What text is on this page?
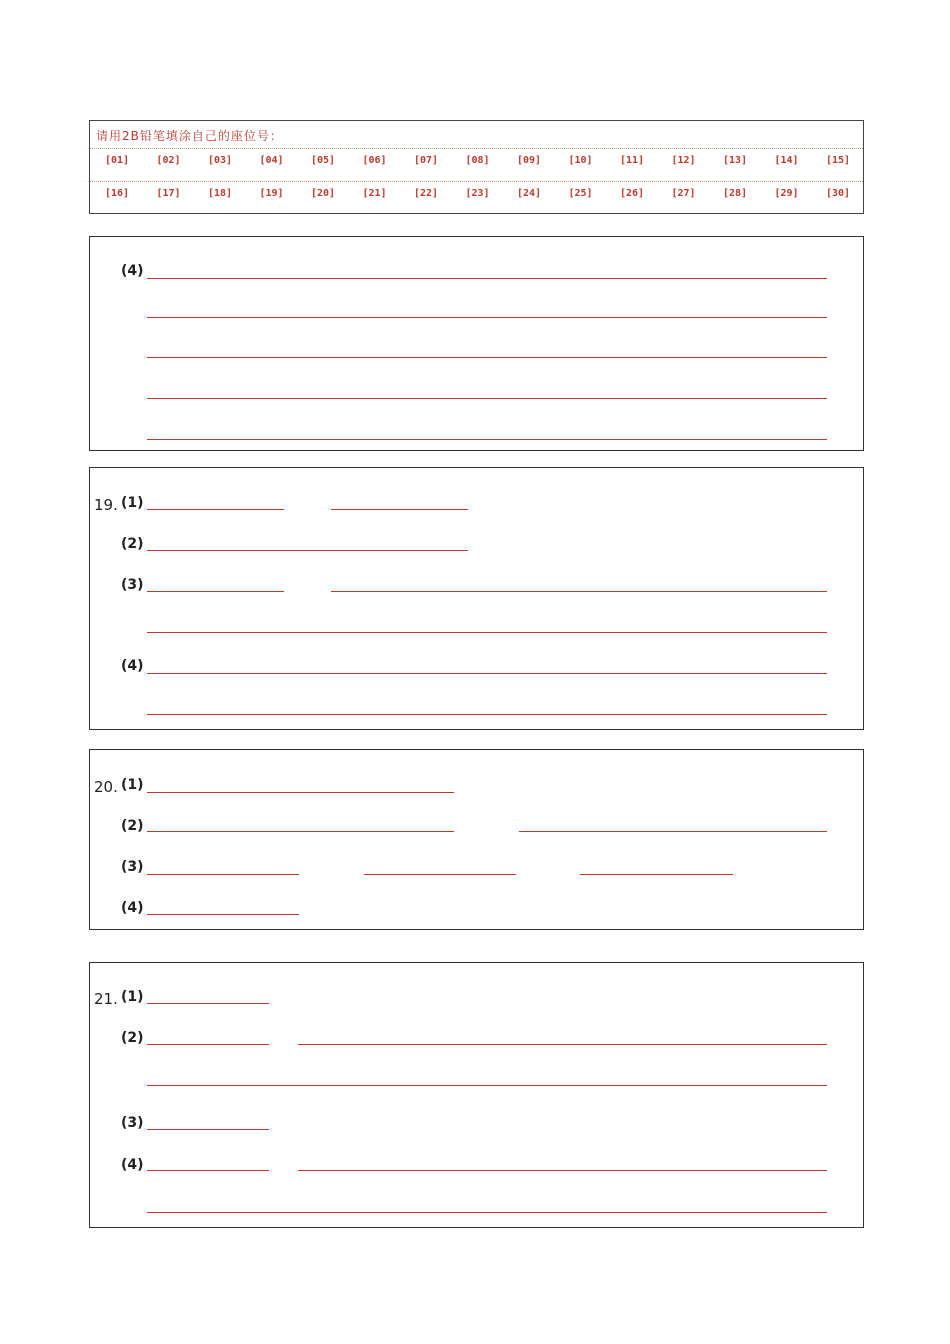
请用2B铅笔填涂自己的座位号：
[01]	[02]	[03]	[04]	[05]	[06]	[07]	[08]	[09]	[10]	[11]	[12]	[13]	[14]	[15]
[16]	[17]	[18]	[19]	[20]	[21]	[22]	[23]	[24]	[25]	[26]	[27]	[28]	[29]	[30]
(4)
19. (1)
(2)
(3)
(4)
20. (1)
(2)
(3)
(4)
21. (1)
(2)
(3)
(4)
